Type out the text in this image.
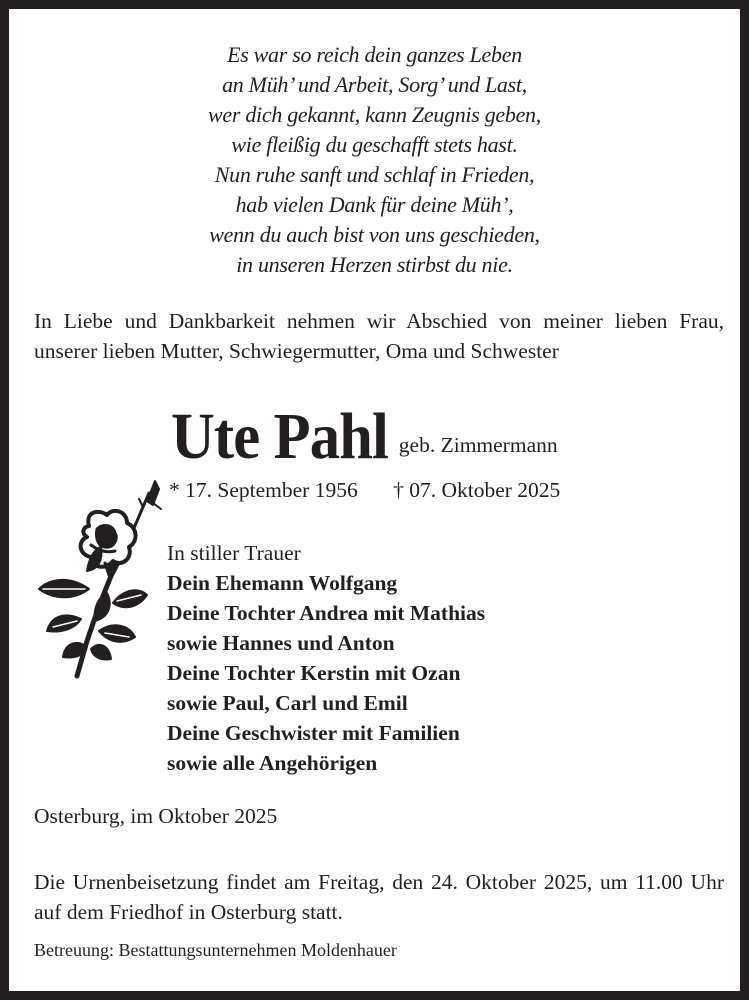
Es war so reich dein ganzes Leben
an Müh’ und Arbeit, Sorg’ und Last,
wer dich gekannt, kann Zeugnis geben,
wie fleißig du geschafft stets hast.
Nun ruhe sanft und schlaf in Frieden,
hab vielen Dank für deine Müh’,
wenn du auch bist von uns geschieden,
in unseren Herzen stirbst du nie.
In Liebe und Dankbarkeit nehmen wir Abschied von meiner lieben Frau, unserer lieben Mutter, Schwiegermutter, Oma und Schwester
Ute Pahl geb. Zimmermann
* 17. September 1956 † 07. Oktober 2025
In stiller Trauer
Dein Ehemann Wolfgang
Deine Tochter Andrea mit Mathias
sowie Hannes und Anton
Deine Tochter Kerstin mit Ozan
sowie Paul, Carl und Emil
Deine Geschwister mit Familien
sowie alle Angehörigen
Osterburg, im Oktober 2025
Die Urnenbeisetzung findet am Freitag, den 24. Oktober 2025, um 11.00 Uhr auf dem Friedhof in Osterburg statt.
Betreuung: Bestattungsunternehmen Moldenhauer
